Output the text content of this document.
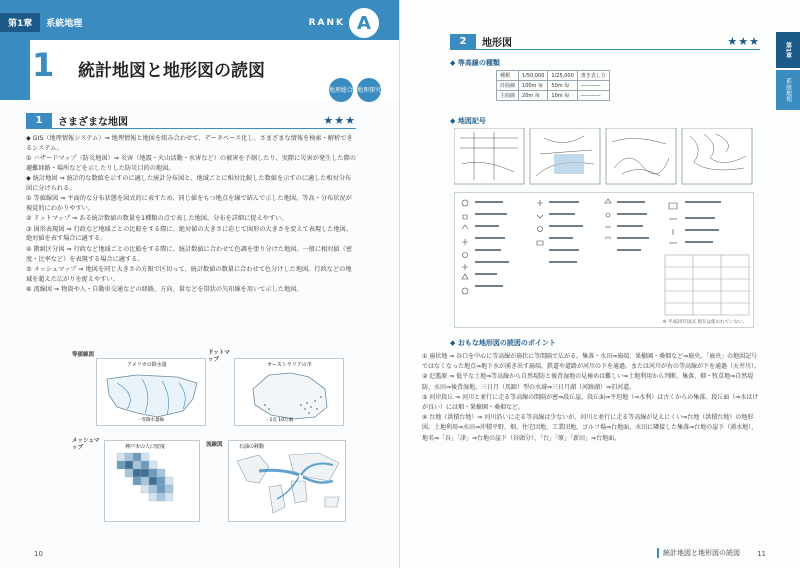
第1章	系統地理	RANK A
1 統計地図と地形図の読図
地理総合 地理探究
1	さまざまな地図	★★★

◆ GIS（地理情報システム）⇒ 地理情報と地図を組み合わせて、データベース化し、さまざまな情報を検索・解析できるシステム。

① ハザードマップ（防災地図）⇒ 災害（地震・火山活動・水害など）の被害を予測したり、実際に災害が発生した際の避難経路・場所などを示したりした防災目的の地図。

◆ 統計地図 ⇒ 統計的な数値を示すのに適した統計分布図と、地域ごとに相対比較した数値を示すのに適した相対分布図に分けられる。

① 等値線図 ⇒ 平面的な分布状態を図式的に表すため、同じ値をもつ地点を線で結んで示した地図。等高・分布状況が視覚的にわかりやすい。

② ドットマップ ⇒ ある統計数値の数量を1種類の点で表した地図。分布を詳細に捉えやすい。

③ 図形表現図 ⇒ 行政など地域ごとの比較をする際に、絶対値の大きさに応じて図形の大きさを変えて表現した地図。絶対値を表す場合に適する。

④ 階級区分図 ⇒ 行政など地域ごとの比較をする際に、統計数値に合わせて色調を塗り分けた地図。一般に相対値（密度・比率など）を表現する場合に適する。

⑤ メッシュマップ ⇒ 地図を同じ大きさの方眼で区切って、統計数値の数量に合わせて色分けした地図。行政などの地域を超えた広がりを捉えやすい。

⑥ 流線図 ⇒ 物資や人・自動車交通などの経路、方向、量などを帯状の矢印線を用いて示した地図。

等値線図
アメリカの降水量
一等降水量線
ドットマップ
オーストラリアの羊
・1点 10万頭
メッシュマップ	神戸市の人口密度	流線図	石油の移動
10
第1章
系統地理
2	地形図	★★★
◆ 等高線の種類
種類	1/50,000	1/25,000	書き表し方
計曲線	100m 毎	50m 毎	————
主曲線	20m 毎	10m 毎	————
◆ 地図記号
※ 平成25年図式 現在は使われていない。
◆ おもな地形図の読図のポイント

① 扇状地 ⇒ 谷口を中心に等高線が扇状に等間隔で広がる。集落・水田⇒扇端、果樹園・桑畑など⇒扇央。「扇央」の地図記号ではなくなった地点⇒地下水が湧き出す扇端。鉄道や道路が河川の下を通過。または河川が右の等高線が下を通過（天井川）。

② 氾濫原 ⇒ 低平な土地⇒等高線から自然堤防と後背湿地の見極めは難しい⇒土地利用から判断。集落、畑・牧草地⇒自然堤防、水田⇒後背湿地。三日月（馬蹄）型の水域⇒三日月湖（河跡湖）⇒旧河道。

③ 河岸段丘 ⇒ 河川と並行に走る等高線の間隔が密⇒段丘崖、段丘面⇒平坦地（⇒水利）は古くからの集落。段丘面（⇒水はけが良い）には畑・果樹園・桑畑など。

④ 台地（洪積台地）⇒ 河川沿いに走る等高線は少ないが、河川と並行に走る等高線が見えにくい⇒台地（洪積台地）の地形図。土地利用⇒水田⇒沖積平野、畑、住宅団地、工業団地、ゴルフ場⇒台地面、水田に隣接した集落⇒台地の崖下（湧水地）、地名⇒「谷」「津」⇒台地の崖下（谷頭分）、「台」「原」「新田」⇒台地面。

統計地図と地形図の読図 11
